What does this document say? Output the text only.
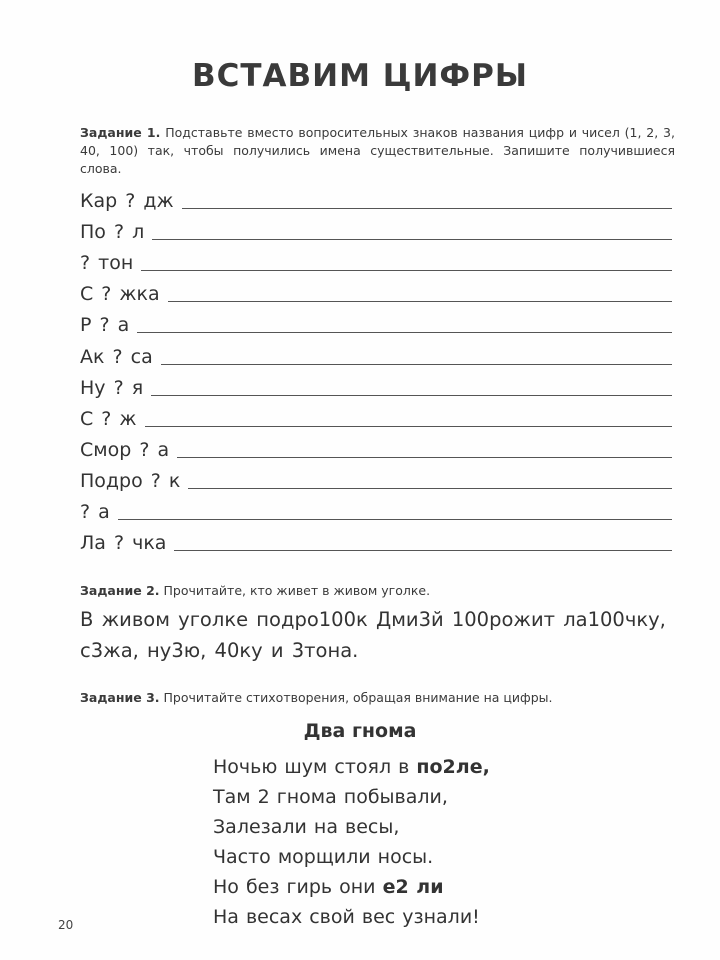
ВСТАВИМ ЦИФРЫ
Задание 1. Подставьте вместо вопросительных знаков названия цифр и чисел (1, 2, 3, 40, 100) так, чтобы получились имена существительные. Запишите получившиеся слова.
Кар ? дж
По ? л
? тон
С ? жка
Р ? а
Ак ? са
Ну ? я
С ? ж
Смор ? а
Подро ? к
? а
Ла ? чка
Задание 2. Прочитайте, кто живет в живом уголке.
В живом уголке подро100к Дми3й 100рожит ла100чку,
с3жа, ну3ю, 40ку и 3тона.
Задание 3. Прочитайте стихотворения, обращая внимание на цифры.
Два гнома
Ночью шум стоял в по2ле,
Там 2 гнома побывали,
Залезали на весы,
Часто морщили носы.
Но без гирь они е2 ли
На весах свой вес узнали!
20
